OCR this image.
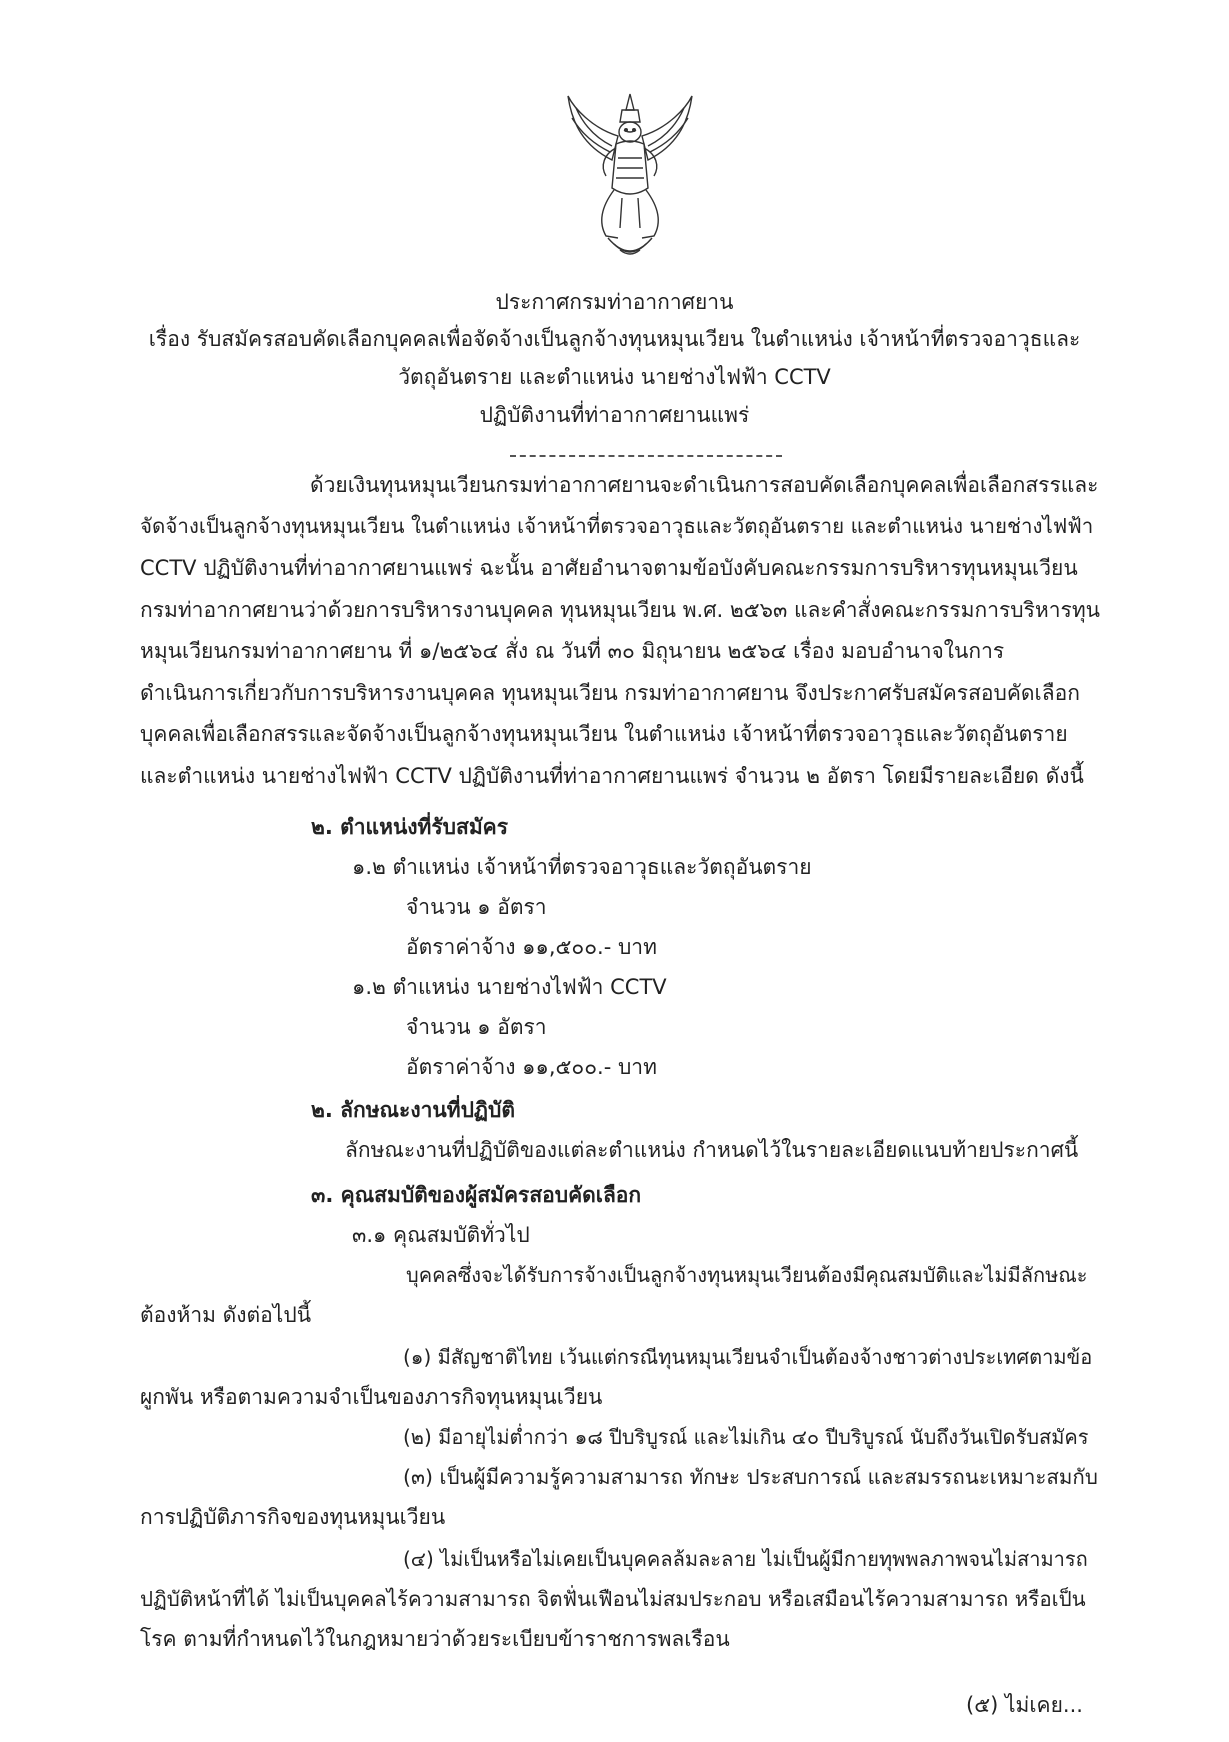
ประกาศกรมท่าอากาศยาน
เรื่อง รับสมัครสอบคัดเลือกบุคคลเพื่อจัดจ้างเป็นลูกจ้างทุนหมุนเวียน ในตำแหน่ง เจ้าหน้าที่ตรวจอาวุธและ
วัตถุอันตราย และตำแหน่ง นายช่างไฟฟ้า CCTV
ปฏิบัติงานที่ท่าอากาศยานแพร่
ด้วยเงินทุนหมุนเวียนกรมท่าอากาศยานจะดำเนินการสอบคัดเลือกบุคคลเพื่อเลือกสรรและ
จัดจ้างเป็นลูกจ้างทุนหมุนเวียน ในตำแหน่ง เจ้าหน้าที่ตรวจอาวุธและวัตถุอันตราย และตำแหน่ง นายช่างไฟฟ้า
CCTV ปฏิบัติงานที่ท่าอากาศยานแพร่ ฉะนั้น อาศัยอำนาจตามข้อบังคับคณะกรรมการบริหารทุนหมุนเวียน
กรมท่าอากาศยานว่าด้วยการบริหารงานบุคคล ทุนหมุนเวียน พ.ศ. ๒๕๖๓ และคำสั่งคณะกรรมการบริหารทุน
หมุนเวียนกรมท่าอากาศยาน ที่ ๑/๒๕๖๔ สั่ง ณ วันที่ ๓๐ มิถุนายน ๒๕๖๔ เรื่อง มอบอำนาจในการ
ดำเนินการเกี่ยวกับการบริหารงานบุคคล ทุนหมุนเวียน กรมท่าอากาศยาน จึงประกาศรับสมัครสอบคัดเลือก
บุคคลเพื่อเลือกสรรและจัดจ้างเป็นลูกจ้างทุนหมุนเวียน ในตำแหน่ง เจ้าหน้าที่ตรวจอาวุธและวัตถุอันตราย
และตำแหน่ง นายช่างไฟฟ้า CCTV ปฏิบัติงานที่ท่าอากาศยานแพร่ จำนวน ๒ อัตรา โดยมีรายละเอียด ดังนี้
๒. ตำแหน่งที่รับสมัคร
๑.๒ ตำแหน่ง เจ้าหน้าที่ตรวจอาวุธและวัตถุอันตราย
จำนวน ๑ อัตรา
อัตราค่าจ้าง ๑๑,๕๐๐.- บาท
๑.๒ ตำแหน่ง นายช่างไฟฟ้า CCTV
จำนวน ๑ อัตรา
อัตราค่าจ้าง ๑๑,๕๐๐.- บาท
๒. ลักษณะงานที่ปฏิบัติ
ลักษณะงานที่ปฏิบัติของแต่ละตำแหน่ง กำหนดไว้ในรายละเอียดแนบท้ายประกาศนี้
๓. คุณสมบัติของผู้สมัครสอบคัดเลือก
๓.๑ คุณสมบัติทั่วไป
บุคคลซึ่งจะได้รับการจ้างเป็นลูกจ้างทุนหมุนเวียนต้องมีคุณสมบัติและไม่มีลักษณะ
ต้องห้าม ดังต่อไปนี้
(๑) มีสัญชาติไทย เว้นแต่กรณีทุนหมุนเวียนจำเป็นต้องจ้างชาวต่างประเทศตามข้อ
ผูกพัน หรือตามความจำเป็นของภารกิจทุนหมุนเวียน
(๒) มีอายุไม่ต่ำกว่า ๑๘ ปีบริบูรณ์ และไม่เกิน ๔๐ ปีบริบูรณ์ นับถึงวันเปิดรับสมัคร
(๓) เป็นผู้มีความรู้ความสามารถ ทักษะ ประสบการณ์ และสมรรถนะเหมาะสมกับ
การปฏิบัติภารกิจของทุนหมุนเวียน
(๔) ไม่เป็นหรือไม่เคยเป็นบุคคลล้มละลาย ไม่เป็นผู้มีกายทุพพลภาพจนไม่สามารถ
ปฏิบัติหน้าที่ได้ ไม่เป็นบุคคลไร้ความสามารถ จิตฟั่นเฟือนไม่สมประกอบ หรือเสมือนไร้ความสามารถ หรือเป็น
โรค ตามที่กำหนดไว้ในกฎหมายว่าด้วยระเบียบข้าราชการพลเรือน
(๕) ไม่เคย...
